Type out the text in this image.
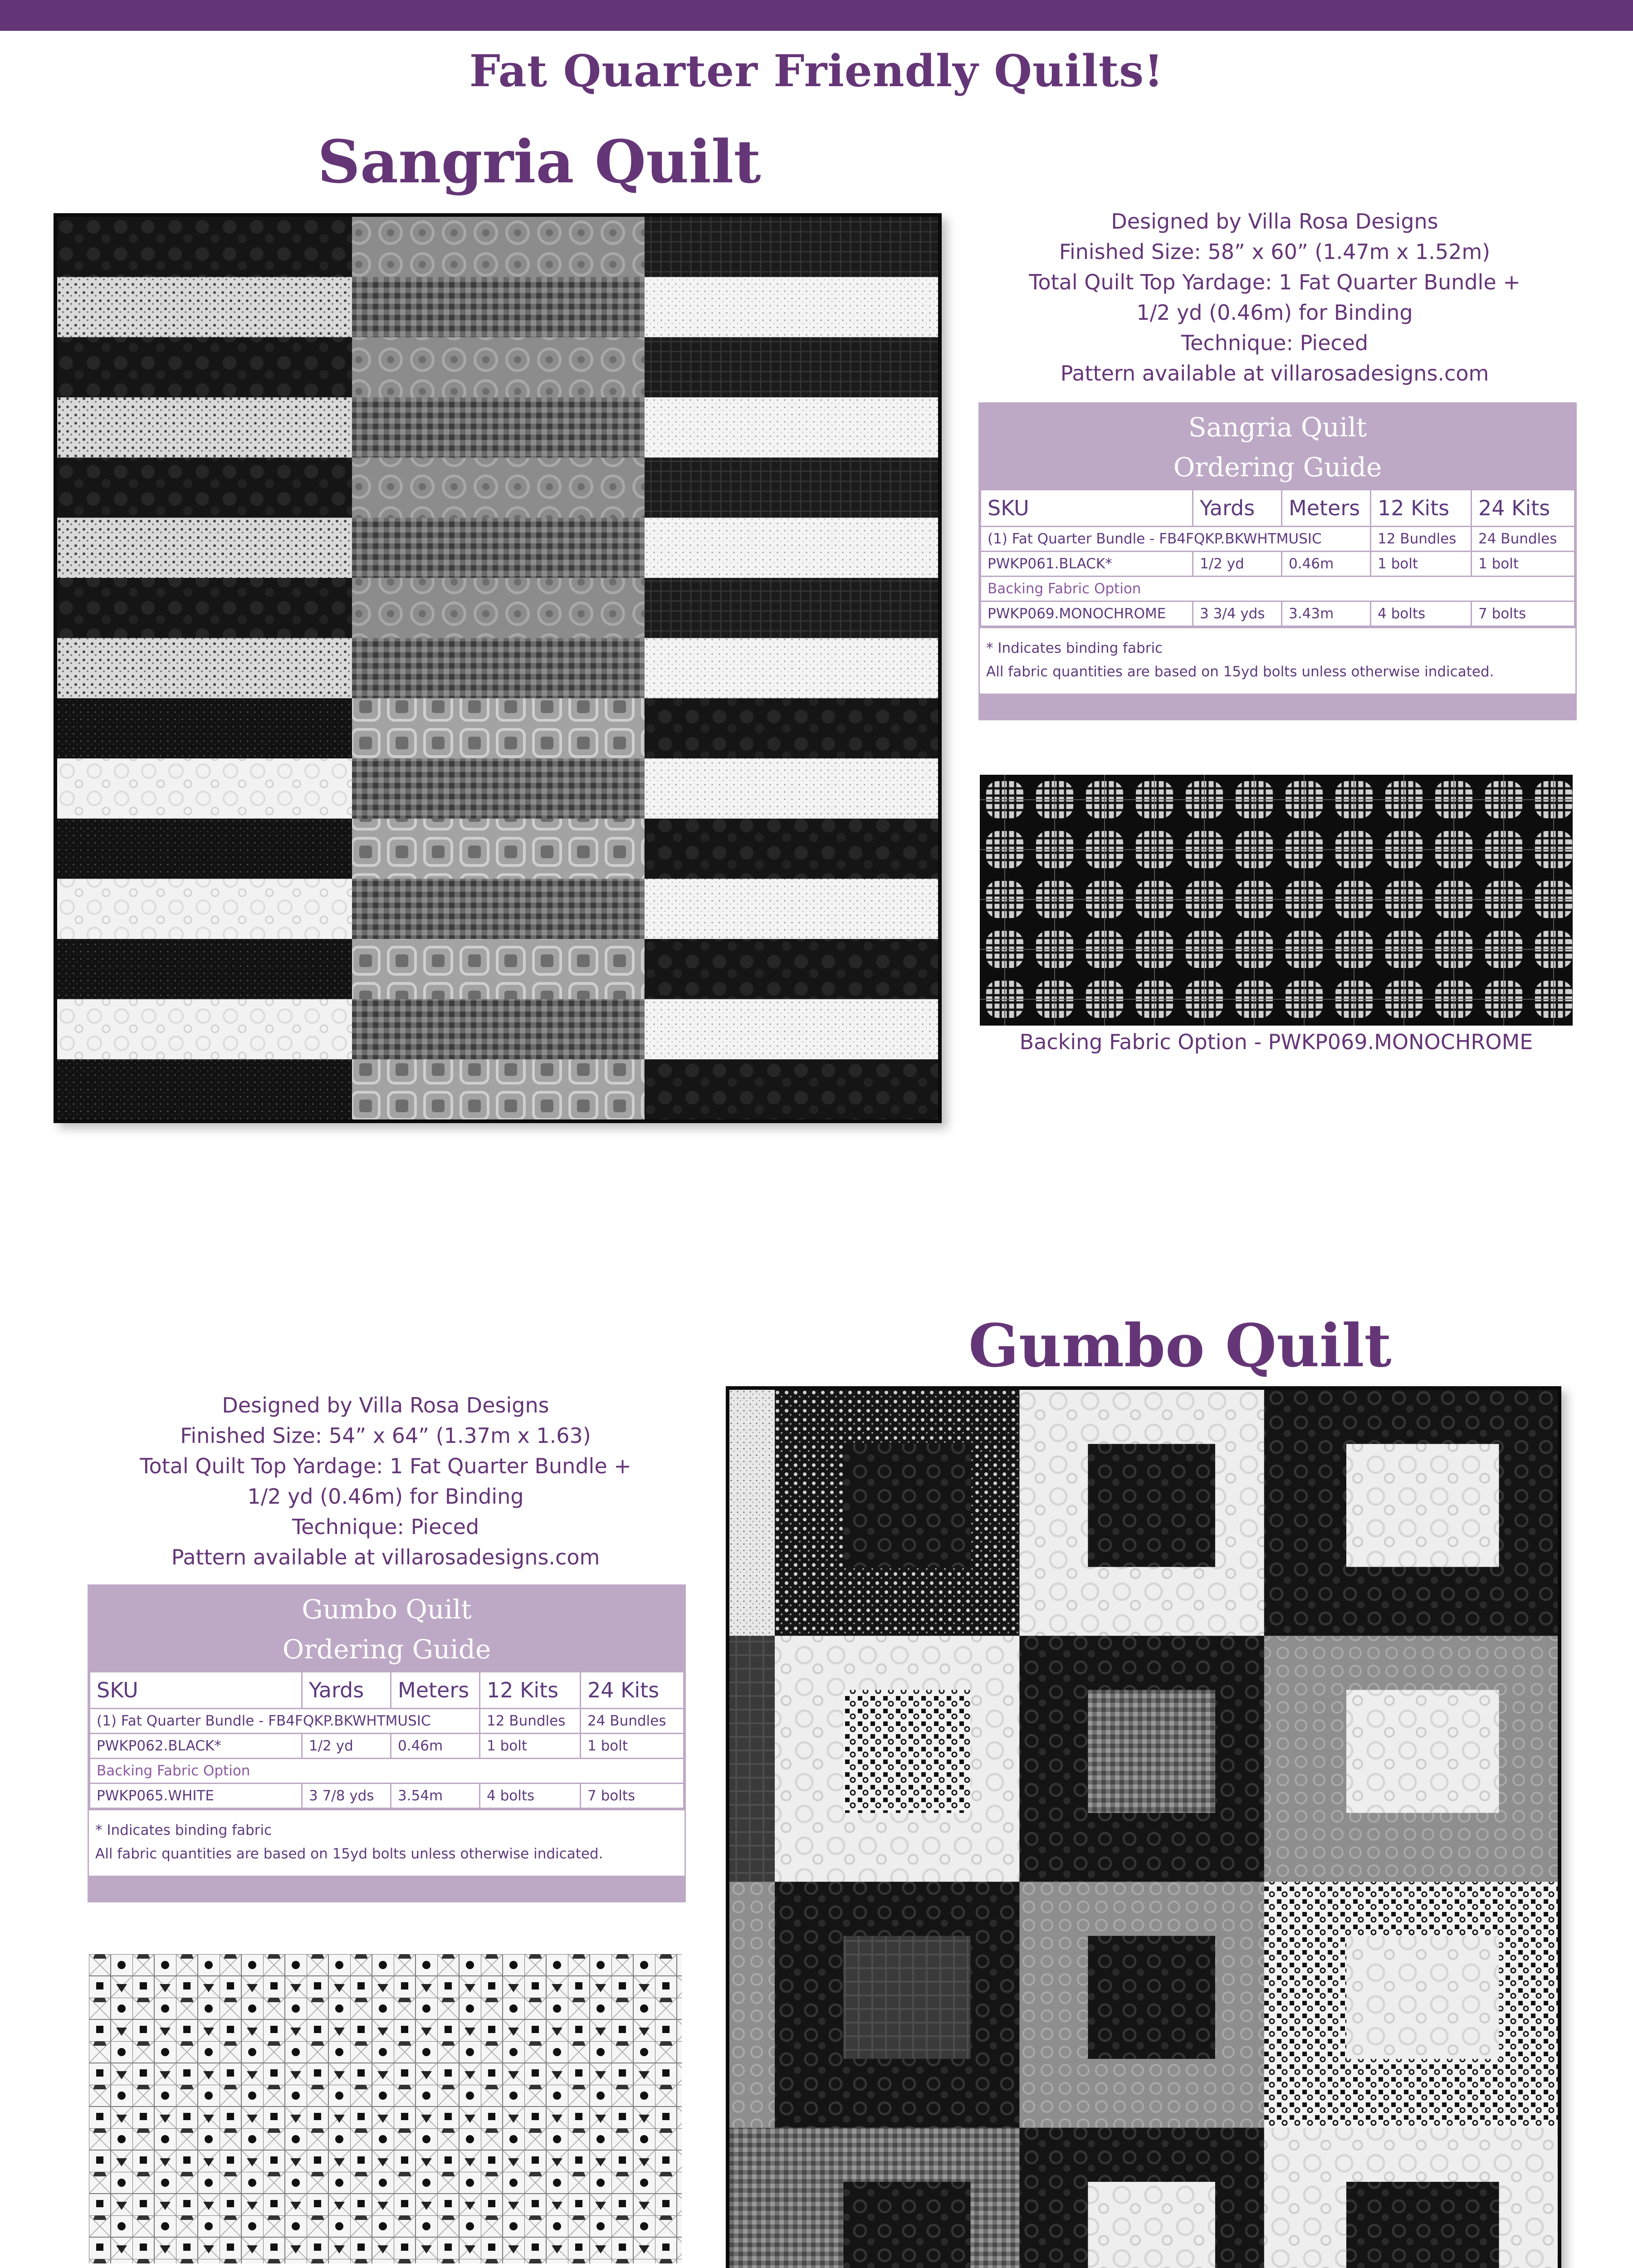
Fat Quarter Friendly Quilts!
Sangria Quilt
Designed by Villa Rosa Designs
Finished Size: 58” x 60” (1.47m x 1.52m)
Total Quilt Top Yardage: 1 Fat Quarter Bundle +
1/2 yd (0.46m) for Binding
Technique: Pieced
Pattern available at villarosadesigns.com
Sangria Quilt
Ordering Guide
SKU	Yards	Meters	12 Kits	24 Kits
(1) Fat Quarter Bundle - FB4FQKP.BKWHTMUSIC			12 Bundles	24 Bundles
PWKP061.BLACK*	1/2 yd	0.46m	1 bolt	1 bolt
Backing Fabric Option				
PWKP069.MONOCHROME	3 3/4 yds	3.43m	4 bolts	7 bolts
* Indicates binding fabric
All fabric quantities are based on 15yd bolts unless otherwise indicated.
Backing Fabric Option - PWKP069.MONOCHROME
Gumbo Quilt
Designed by Villa Rosa Designs
Finished Size: 54” x 64” (1.37m x 1.63)
Total Quilt Top Yardage: 1 Fat Quarter Bundle +
1/2 yd (0.46m) for Binding
Technique: Pieced
Pattern available at villarosadesigns.com
Gumbo Quilt
Ordering Guide
SKU	Yards	Meters	12 Kits	24 Kits
(1) Fat Quarter Bundle - FB4FQKP.BKWHTMUSIC			12 Bundles	24 Bundles
PWKP062.BLACK*	1/2 yd	0.46m	1 bolt	1 bolt
Backing Fabric Option				
PWKP065.WHITE	3 7/8 yds	3.54m	4 bolts	7 bolts
* Indicates binding fabric
All fabric quantities are based on 15yd bolts unless otherwise indicated.
